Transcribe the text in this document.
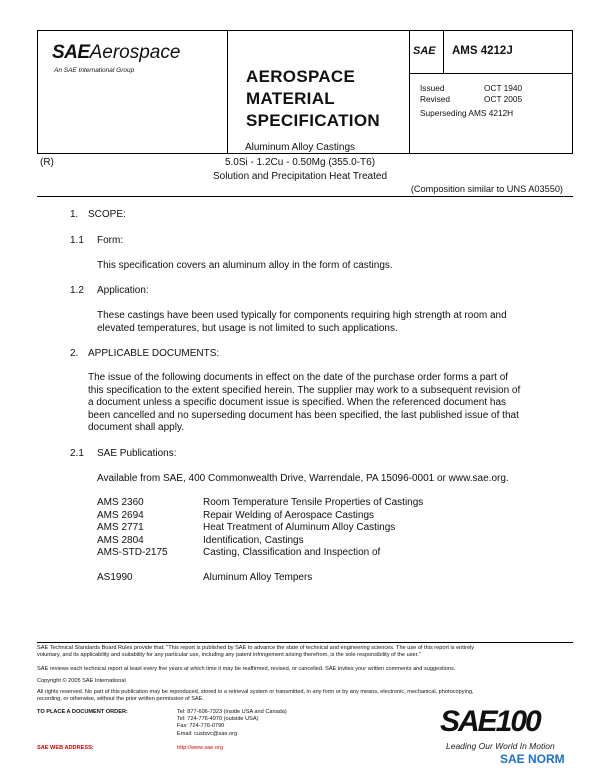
SAEAerospace
An SAE International Group	AEROSPACE
MATERIAL
SPECIFICATION
SAE AMS 4212J
Issued	OCT 1940
Revised	OCT 2005
Superseding AMS 4212H
Aluminum Alloy Castings
(R)	5.0Si - 1.2Cu - 0.50Mg (355.0-T6)
Solution and Precipitation Heat Treated
(Composition similar to UNS A03550)
1. SCOPE:
1.1 Form:
This specification covers an aluminum alloy in the form of castings.
1.2 Application:
These castings have been used typically for components requiring high strength at room and
elevated temperatures, but usage is not limited to such applications.
2. APPLICABLE DOCUMENTS:
The issue of the following documents in effect on the date of the purchase order forms a part of
this specification to the extent specified herein. The supplier may work to a subsequent revision of
a document unless a specific document issue is specified. When the referenced document has
been cancelled and no superseding document has been specified, the last published issue of that
document shall apply.
2.1 SAE Publications:
Available from SAE, 400 Commonwealth Drive, Warrendale, PA 15096-0001 or www.sae.org.
AMS 2360	Room Temperature Tensile Properties of Castings
AMS 2694	Repair Welding of Aerospace Castings
AMS 2771	Heat Treatment of Aluminum Alloy Castings
AMS 2804	Identification, Castings
AMS-STD-2175	Casting, Classification and Inspection of
AS1990	Aluminum Alloy Tempers
SAE Technical Standards Board Rules provide that: "This report is published by SAE to advance the state of technical and engineering sciences. The use of this report is entirely
voluntary, and its applicability and suitability for any particular use, including any patent infringement arising therefrom, is the sole responsibility of the user."
SAE reviews each technical report at least every five years at which time it may be reaffirmed, revised, or cancelled. SAE invites your written comments and suggestions.
Copyright © 2005 SAE International
All rights reserved. No part of this publication may be reproduced, stored in a retrieval system or transmitted, in any form or by any means, electronic, mechanical, photocopying,
recording, or otherwise, without the prior written permission of SAE.
TO PLACE A DOCUMENT ORDER:	Tel: 877-606-7323 (inside USA and Canada)
Tel: 724-776-4970 (outside USA)
Fax: 724-776-0790
Email: custsvc@sae.org
SAE WEB ADDRESS:	http://www.sae.org
SAE100
Leading Our World In Motion
SAE NORM
